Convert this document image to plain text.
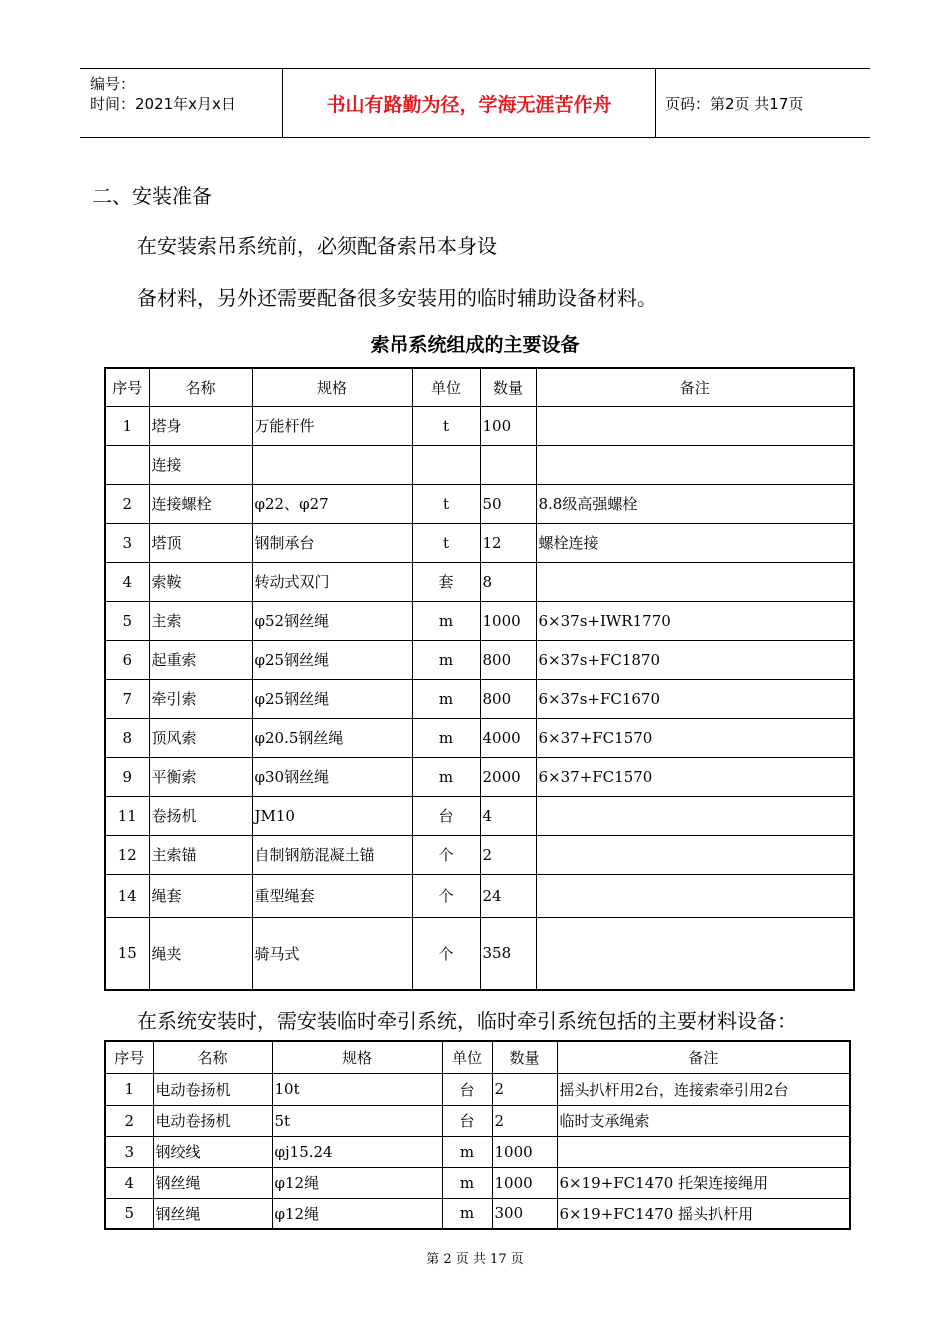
编号：
时间：2021年x月x日	书山有路勤为径，学海无涯苦作舟	页码：第2页 共17页
二、安装准备
在安装索吊系统前，必须配备索吊本身设
备材料，另外还需要配备很多安装用的临时辅助设备材料。
索吊系统组成的主要设备
序号	名称	规格	单位	数量	备注
1	塔身	万能杆件	t	100	
	连接				
2	连接螺栓	φ22、φ27	t	50	8.8级高强螺栓
3	塔顶	钢制承台	t	12	螺栓连接
4	索鞍	转动式双门	套	8	
5	主索	φ52钢丝绳	m	1000	6×37s+IWR1770
6	起重索	φ25钢丝绳	m	800	6×37s+FC1870
7	牵引索	φ25钢丝绳	m	800	6×37s+FC1670
8	顶风索	φ20.5钢丝绳	m	4000	6×37+FC1570
9	平衡索	φ30钢丝绳	m	2000	6×37+FC1570
11	卷扬机	JM10	台	4	
12	主索锚	自制钢筋混凝土锚	个	2	
14	绳套	重型绳套	个	24	
15	绳夹	骑马式	个	358	
在系统安装时，需安装临时牵引系统，临时牵引系统包括的主要材料设备：
序号	名称	规格	单位	数量	备注
1	电动卷扬机	10t	台	2	摇头扒杆用2台，连接索牵引用2台
2	电动卷扬机	5t	台	2	临时支承绳索
3	钢绞线	φj15.24	m	1000	
4	钢丝绳	φ12绳	m	1000	6×19+FC1470 托架连接绳用
5	钢丝绳	φ12绳	m	300	6×19+FC1470 摇头扒杆用
第 2 页 共 17 页
